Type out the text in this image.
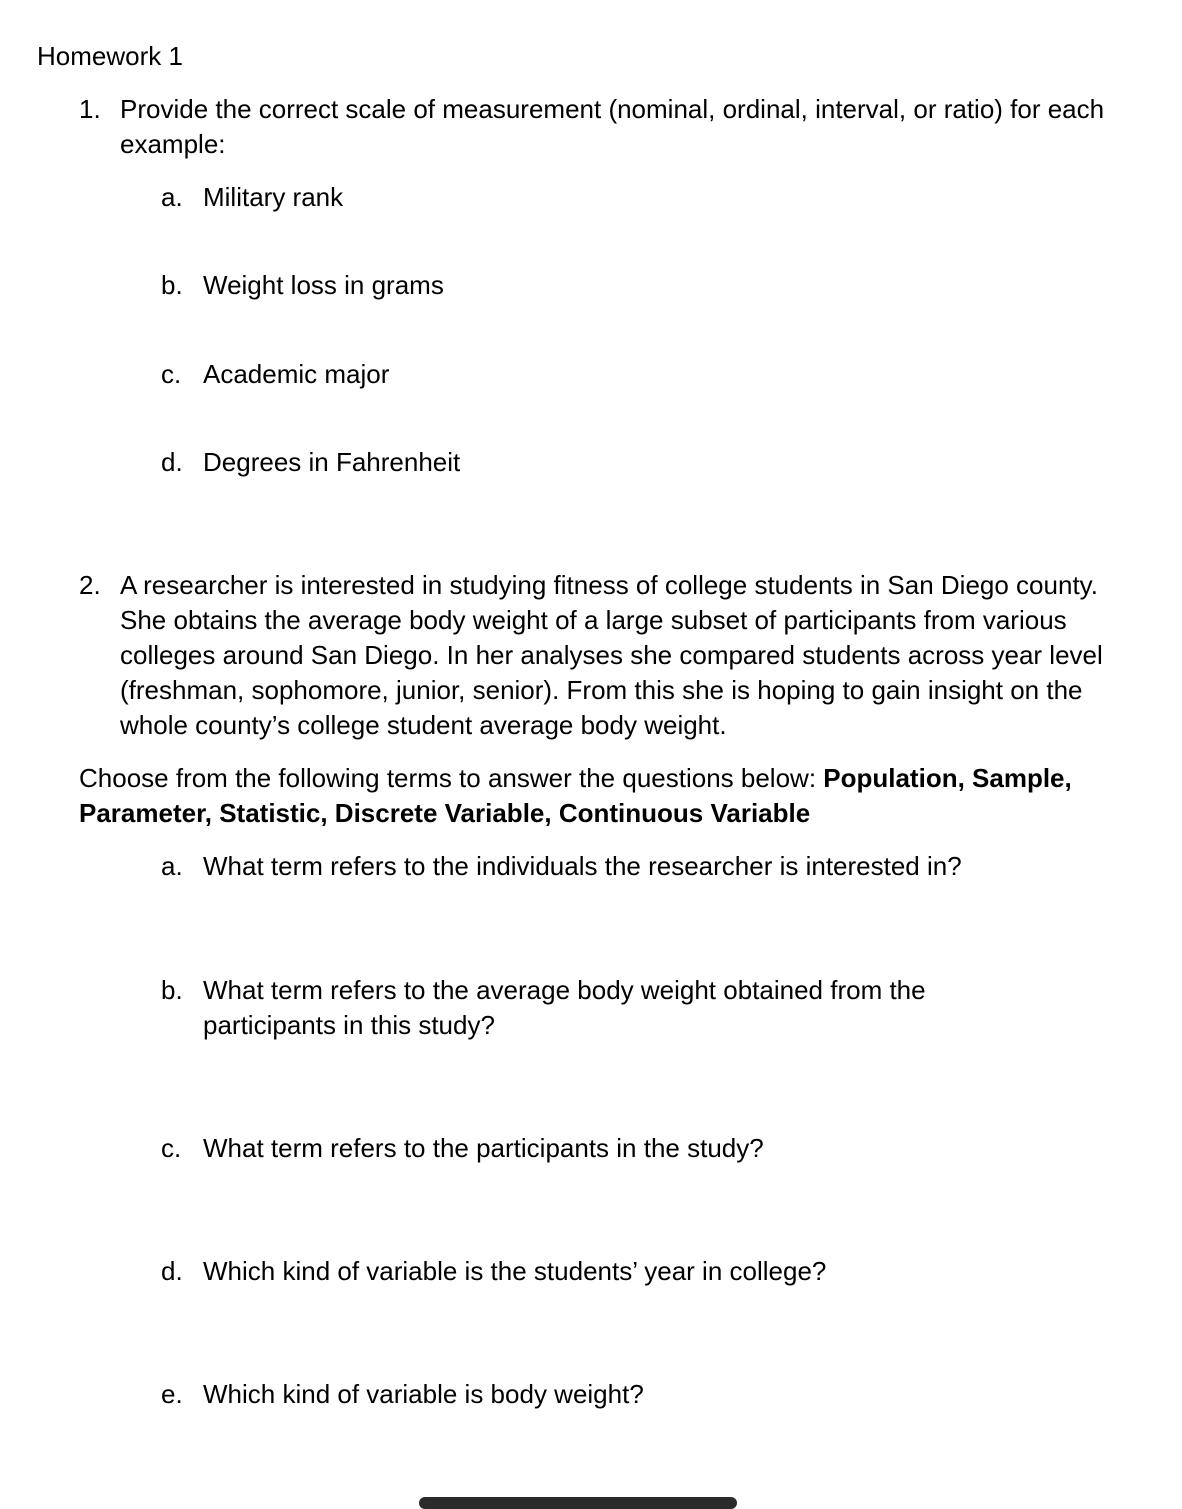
Homework 1
1. Provide the correct scale of measurement (nominal, ordinal, interval, or ratio) for each example:
a. Military rank
b. Weight loss in grams
c. Academic major
d. Degrees in Fahrenheit
2. A researcher is interested in studying fitness of college students in San Diego county. She obtains the average body weight of a large subset of participants from various colleges around San Diego. In her analyses she compared students across year level (freshman, sophomore, junior, senior). From this she is hoping to gain insight on the whole county’s college student average body weight.
Choose from the following terms to answer the questions below: Population, Sample, Parameter, Statistic, Discrete Variable, Continuous Variable
a. What term refers to the individuals the researcher is interested in?
b. What term refers to the average body weight obtained from the participants in this study?
c. What term refers to the participants in the study?
d. Which kind of variable is the students’ year in college?
e. Which kind of variable is body weight?
